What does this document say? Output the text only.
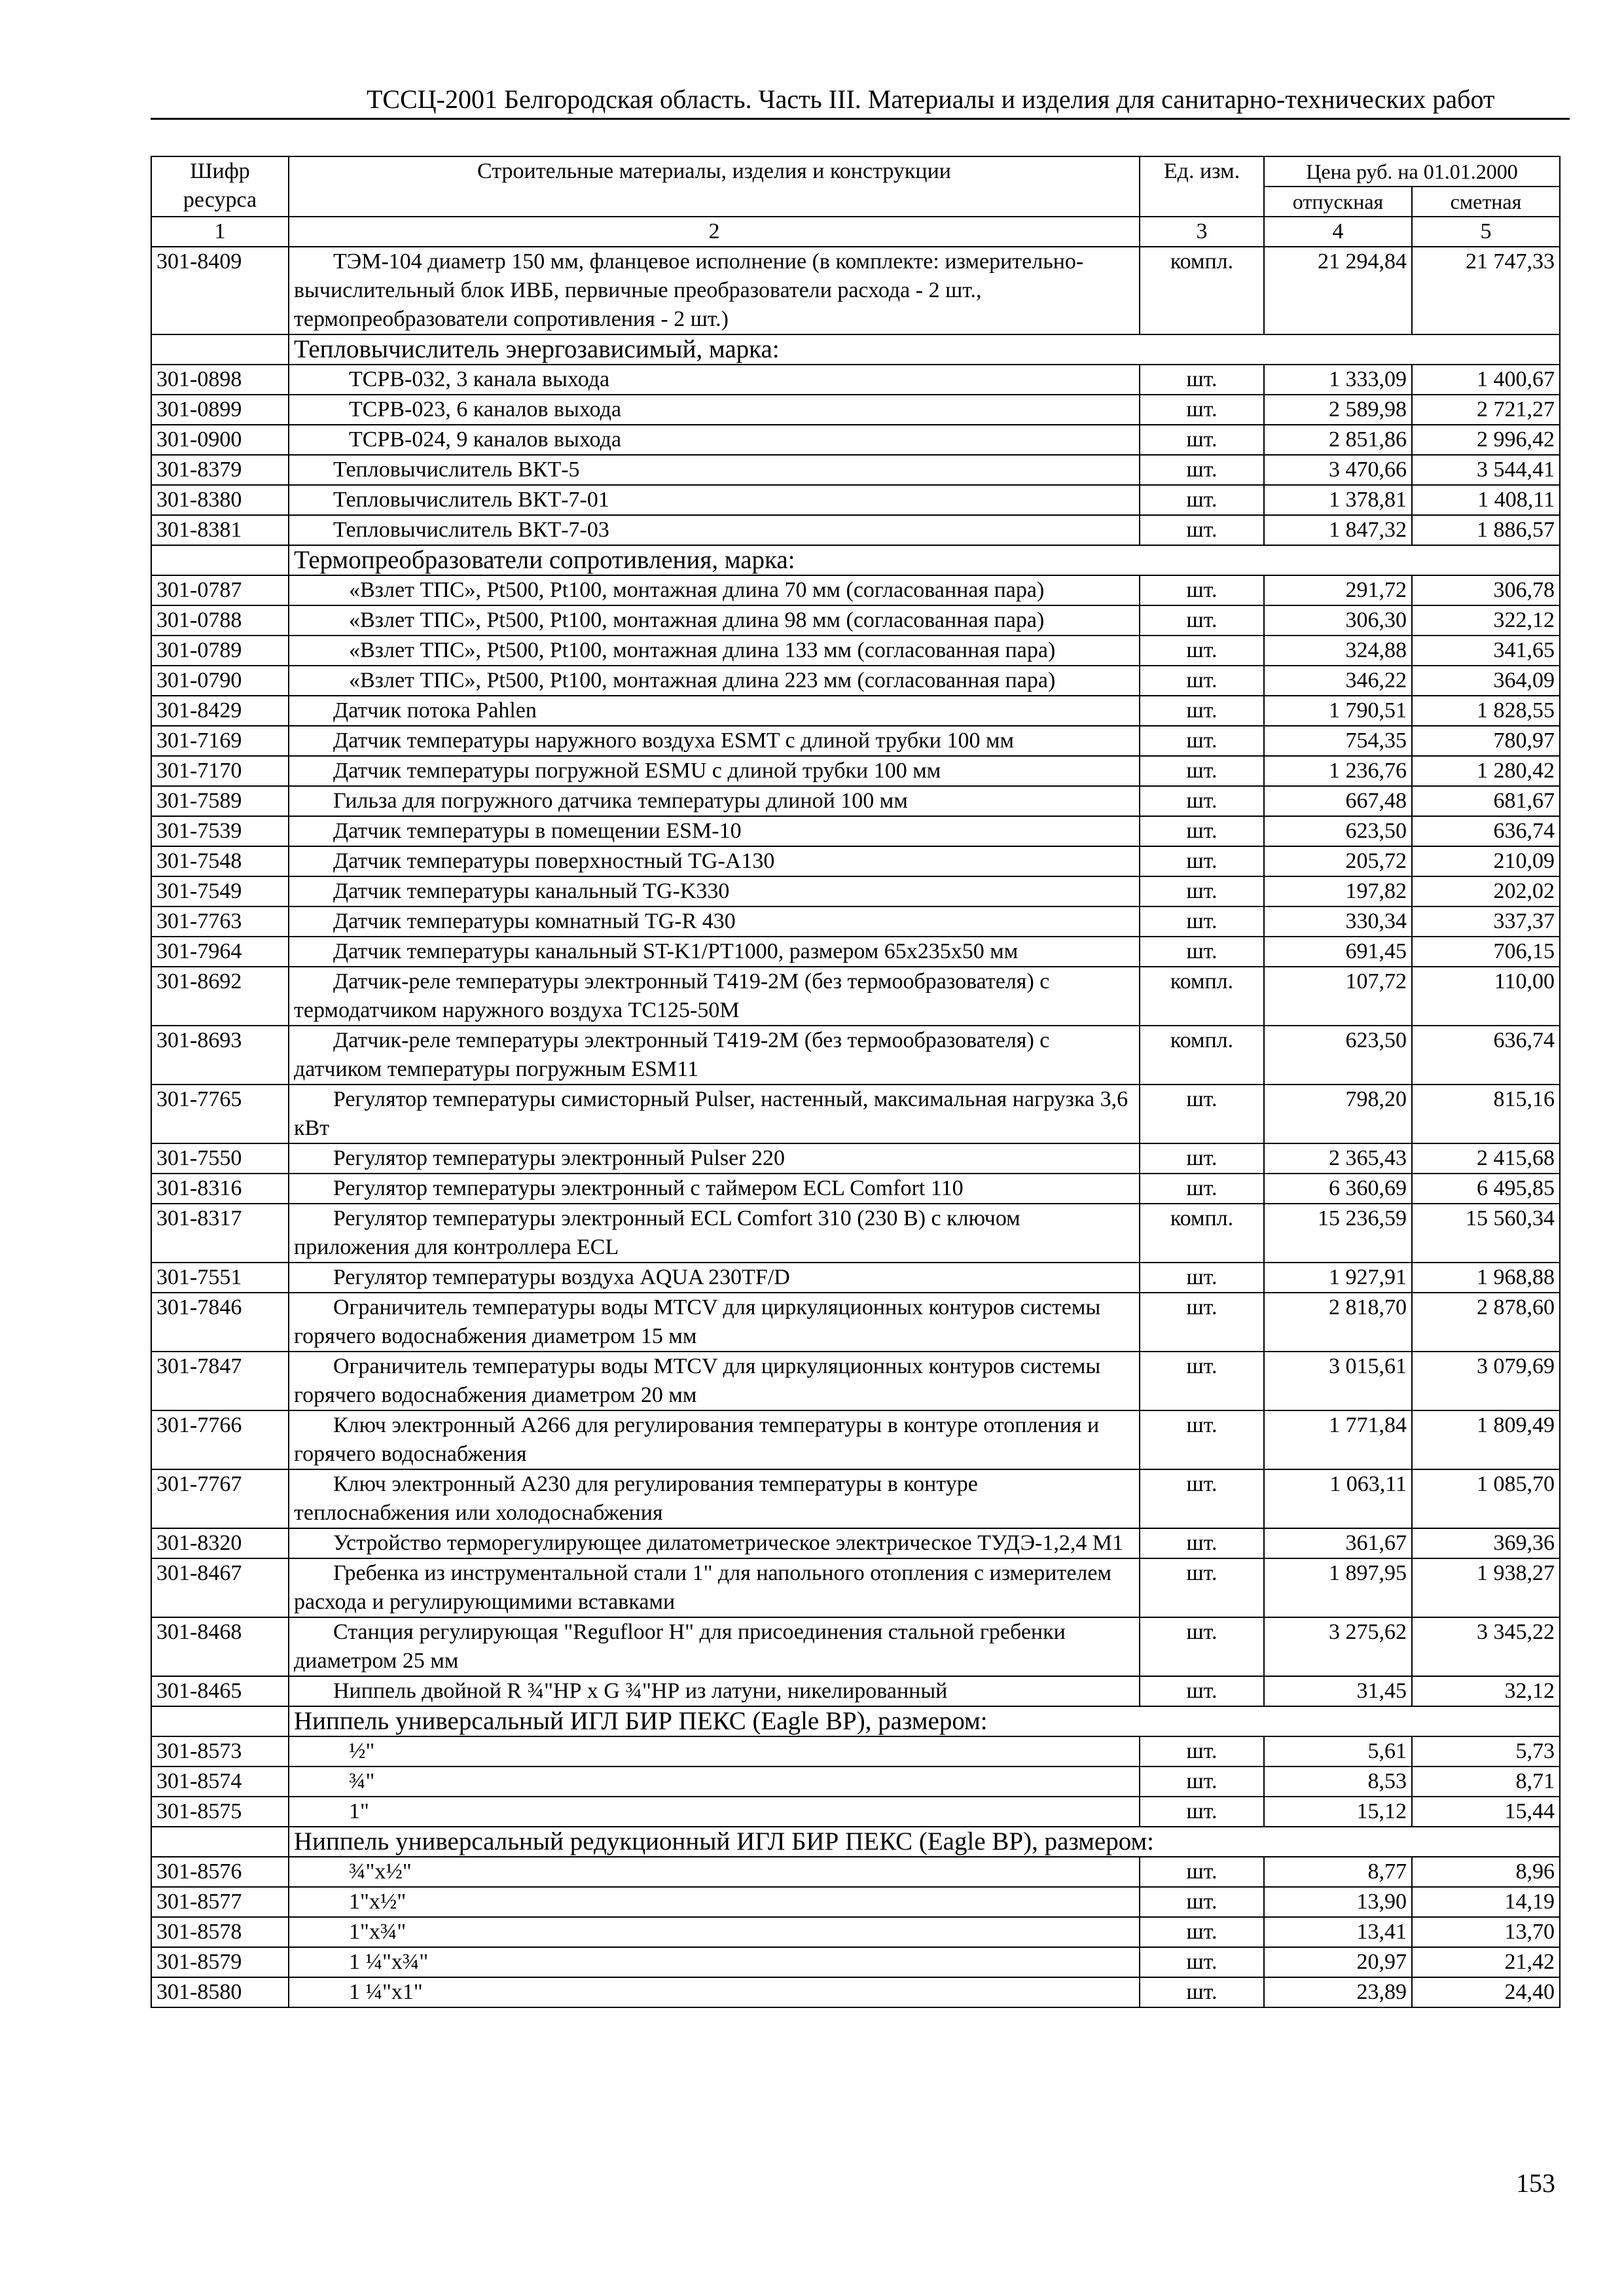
ТССЦ-2001 Белгородская область. Часть III. Материалы и изделия для санитарно-технических работ
Шифр ресурса	Строительные материалы, изделия и конструкции	Ед. изм.	Цена руб. на 01.01.2000	
			отпускная	сметная
1	2	3	4	5
301-8409	ТЭМ-104 диаметр 150 мм, фланцевое исполнение (в комплекте: измерительно-вычислительный блок ИВБ, первичные преобразователи расхода - 2 шт., термопреобразователи сопротивления - 2 шт.)	компл.	21 294,84	21 747,33
	Тепловычислитель энергозависимый, марка:			
301-0898	ТСРВ-032, 3 канала выхода	шт.	1 333,09	1 400,67
301-0899	ТСРВ-023, 6 каналов выхода	шт.	2 589,98	2 721,27
301-0900	ТСРВ-024, 9 каналов выхода	шт.	2 851,86	2 996,42
301-8379	Тепловычислитель ВКТ-5	шт.	3 470,66	3 544,41
301-8380	Тепловычислитель ВКТ-7-01	шт.	1 378,81	1 408,11
301-8381	Тепловычислитель ВКТ-7-03	шт.	1 847,32	1 886,57
	Термопреобразователи сопротивления, марка:			
301-0787	«Взлет ТПС», Pt500, Pt100, монтажная длина 70 мм (согласованная пара)	шт.	291,72	306,78
301-0788	«Взлет ТПС», Pt500, Pt100, монтажная длина 98 мм (согласованная пара)	шт.	306,30	322,12
301-0789	«Взлет ТПС», Pt500, Pt100, монтажная длина 133 мм (согласованная пара)	шт.	324,88	341,65
301-0790	«Взлет ТПС», Pt500, Pt100, монтажная длина 223 мм (согласованная пара)	шт.	346,22	364,09
301-8429	Датчик потока Pahlen	шт.	1 790,51	1 828,55
301-7169	Датчик температуры наружного воздуха ESMT с длиной трубки 100 мм	шт.	754,35	780,97
301-7170	Датчик температуры погружной ESMU с длиной трубки 100 мм	шт.	1 236,76	1 280,42
301-7589	Гильза для погружного датчика температуры длиной 100 мм	шт.	667,48	681,67
301-7539	Датчик температуры в помещении ESM-10	шт.	623,50	636,74
301-7548	Датчик температуры поверхностный TG-A130	шт.	205,72	210,09
301-7549	Датчик температуры канальный TG-K330	шт.	197,82	202,02
301-7763	Датчик температуры комнатный TG-R 430	шт.	330,34	337,37
301-7964	Датчик температуры канальный ST-K1/PT1000, размером 65х235х50 мм	шт.	691,45	706,15
301-8692	Датчик-реле температуры электронный Т419-2М (без термообразователя) с термодатчиком наружного воздуха ТС125-50М	компл.	107,72	110,00
301-8693	Датчик-реле температуры электронный Т419-2М (без термообразователя) с датчиком температуры погружным ESM11	компл.	623,50	636,74
301-7765	Регулятор температуры симисторный Pulser, настенный, максимальная нагрузка 3,6 кВт	шт.	798,20	815,16
301-7550	Регулятор температуры электронный Pulser 220	шт.	2 365,43	2 415,68
301-8316	Регулятор температуры электронный с таймером ECL Comfort 110	шт.	6 360,69	6 495,85
301-8317	Регулятор температуры электронный ECL Comfort 310 (230 В) с ключом приложения для контроллера ECL	компл.	15 236,59	15 560,34
301-7551	Регулятор температуры воздуха AQUA 230TF/D	шт.	1 927,91	1 968,88
301-7846	Ограничитель температуры воды MTCV для циркуляционных контуров системы горячего водоснабжения диаметром 15 мм	шт.	2 818,70	2 878,60
301-7847	Ограничитель температуры воды MTCV для циркуляционных контуров системы горячего водоснабжения диаметром 20 мм	шт.	3 015,61	3 079,69
301-7766	Ключ электронный А266 для регулирования температуры в контуре отопления и горячего водоснабжения	шт.	1 771,84	1 809,49
301-7767	Ключ электронный А230 для регулирования температуры в контуре теплоснабжения или холодоснабжения	шт.	1 063,11	1 085,70
301-8320	Устройство терморегулирующее дилатометрическое электрическое ТУДЭ-1,2,4 М1	шт.	361,67	369,36
301-8467	Гребенка из инструментальной стали 1" для напольного отопления с измерителем расхода и регулирующимими вставками	шт.	1 897,95	1 938,27
301-8468	Станция регулирующая "Regufloor H" для присоединения стальной гребенки диаметром 25 мм	шт.	3 275,62	3 345,22
301-8465	Ниппель двойной R ¾"НР х G ¾"НР из латуни, никелированный	шт.	31,45	32,12
	Ниппель универсальный ИГЛ БИР ПЕКС (Eagle BP), размером:			
301-8573	½"	шт.	5,61	5,73
301-8574	¾"	шт.	8,53	8,71
301-8575	1"	шт.	15,12	15,44
	Ниппель универсальный редукционный ИГЛ БИР ПЕКС (Eagle BP), размером:			
301-8576	¾"х½"	шт.	8,77	8,96
301-8577	1"х½"	шт.	13,90	14,19
301-8578	1"х¾"	шт.	13,41	13,70
301-8579	1 ¼"х¾"	шт.	20,97	21,42
301-8580	1 ¼"х1"	шт.	23,89	24,40
153
